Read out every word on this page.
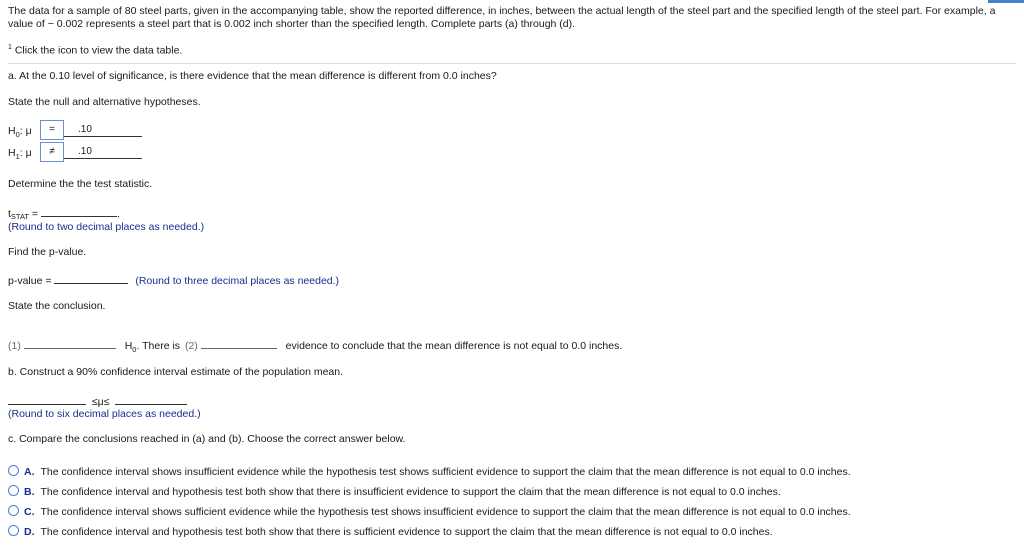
The data for a sample of 80 steel parts, given in the accompanying table, show the reported difference, in inches, between the actual length of the steel part and the specified length of the steel part. For example, a value of − 0.002 represents a steel part that is 0.002 inch shorter than the specified length. Complete parts (a) through (d).
$^1$ Click the icon to view the data table.
a. At the 0.10 level of significance, is there evidence that the mean difference is different from 0.0 inches?
State the null and alternative hypotheses.
$H_0$: μ	=	.10
$H_1$: μ	≠	.10
Determine the the test statistic.
tSTAT =	.
(Round to two decimal places as needed.)
Find the p-value.
p-value =	(Round to three decimal places as needed.)
State the conclusion.
(1)	$H_0$. There is (2)	evidence to conclude that the mean difference is not equal to 0.0 inches.
b. Construct a 90% confidence interval estimate of the population mean.
≤μ≤
(Round to six decimal places as needed.)
c. Compare the conclusions reached in (a) and (b). Choose the correct answer below.
A. The confidence interval shows insufficient evidence while the hypothesis test shows sufficient evidence to support the claim that the mean difference is not equal to 0.0 inches.
B. The confidence interval and hypothesis test both show that there is insufficient evidence to support the claim that the mean difference is not equal to 0.0 inches.
C. The confidence interval shows sufficient evidence while the hypothesis test shows insufficient evidence to support the claim that the mean difference is not equal to 0.0 inches.
D. The confidence interval and hypothesis test both show that there is sufficient evidence to support the claim that the mean difference is not equal to 0.0 inches.
